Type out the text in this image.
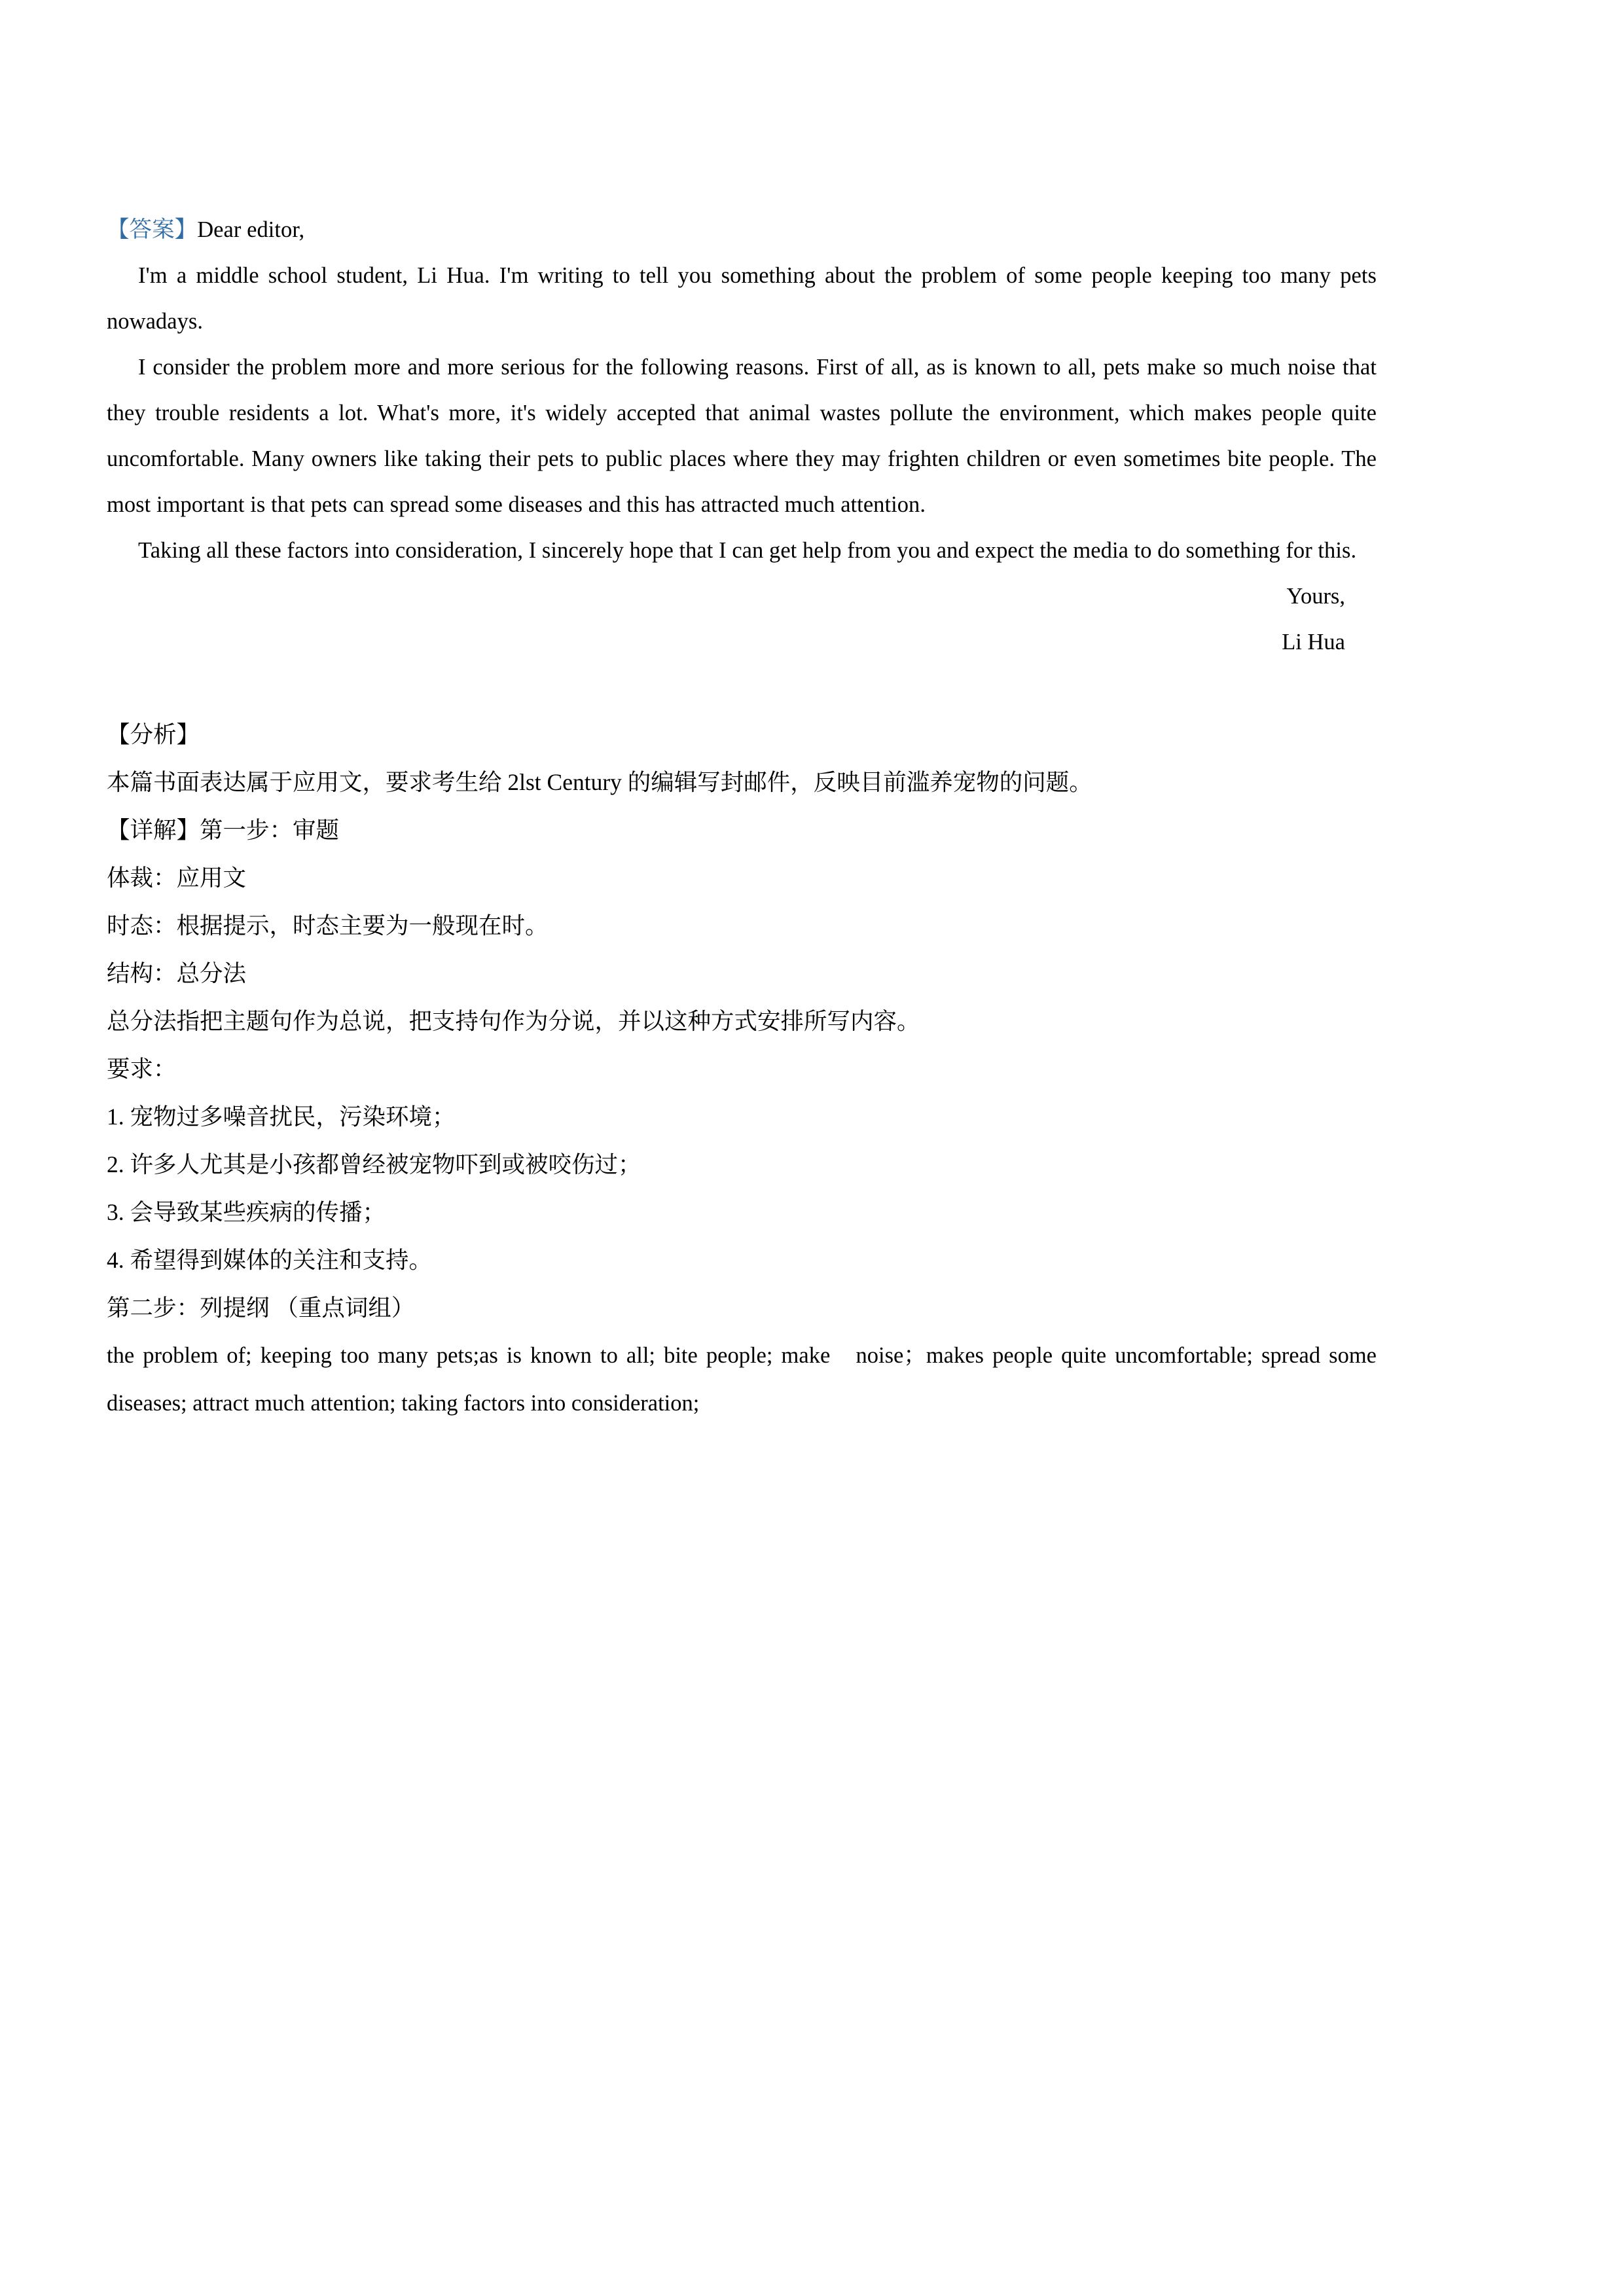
【答案】Dear editor,
I'm a middle school student, Li Hua. I'm writing to tell you something about the problem of some people keeping too many pets nowadays.
I consider the problem more and more serious for the following reasons. First of all, as is known to all, pets make so much noise that they trouble residents a lot. What's more, it's widely accepted that animal wastes pollute the environment, which makes people quite uncomfortable. Many owners like taking their pets to public places where they may frighten children or even sometimes bite people. The most important is that pets can spread some diseases and this has attracted much attention.
Taking all these factors into consideration, I sincerely hope that I can get help from you and expect the media to do something for this.
Yours,
Li Hua
【分析】
本篇书面表达属于应用文，要求考生给 2lst Century 的编辑写封邮件，反映目前滥养宠物的问题。
【详解】第一步：审题
体裁：应用文
时态：根据提示，时态主要为一般现在时。
结构：总分法
总分法指把主题句作为总说，把支持句作为分说，并以这种方式安排所写内容。
要求：
1. 宠物过多噪音扰民，污染环境；
2. 许多人尤其是小孩都曾经被宠物吓到或被咬伤过；
3. 会导致某些疾病的传播；
4. 希望得到媒体的关注和支持。
第二步：列提纲 （重点词组）
the problem of; keeping too many pets;as is known to all; bite people; make   noise；makes people quite uncomfortable; spread some diseases; attract much attention; taking factors into consideration;
